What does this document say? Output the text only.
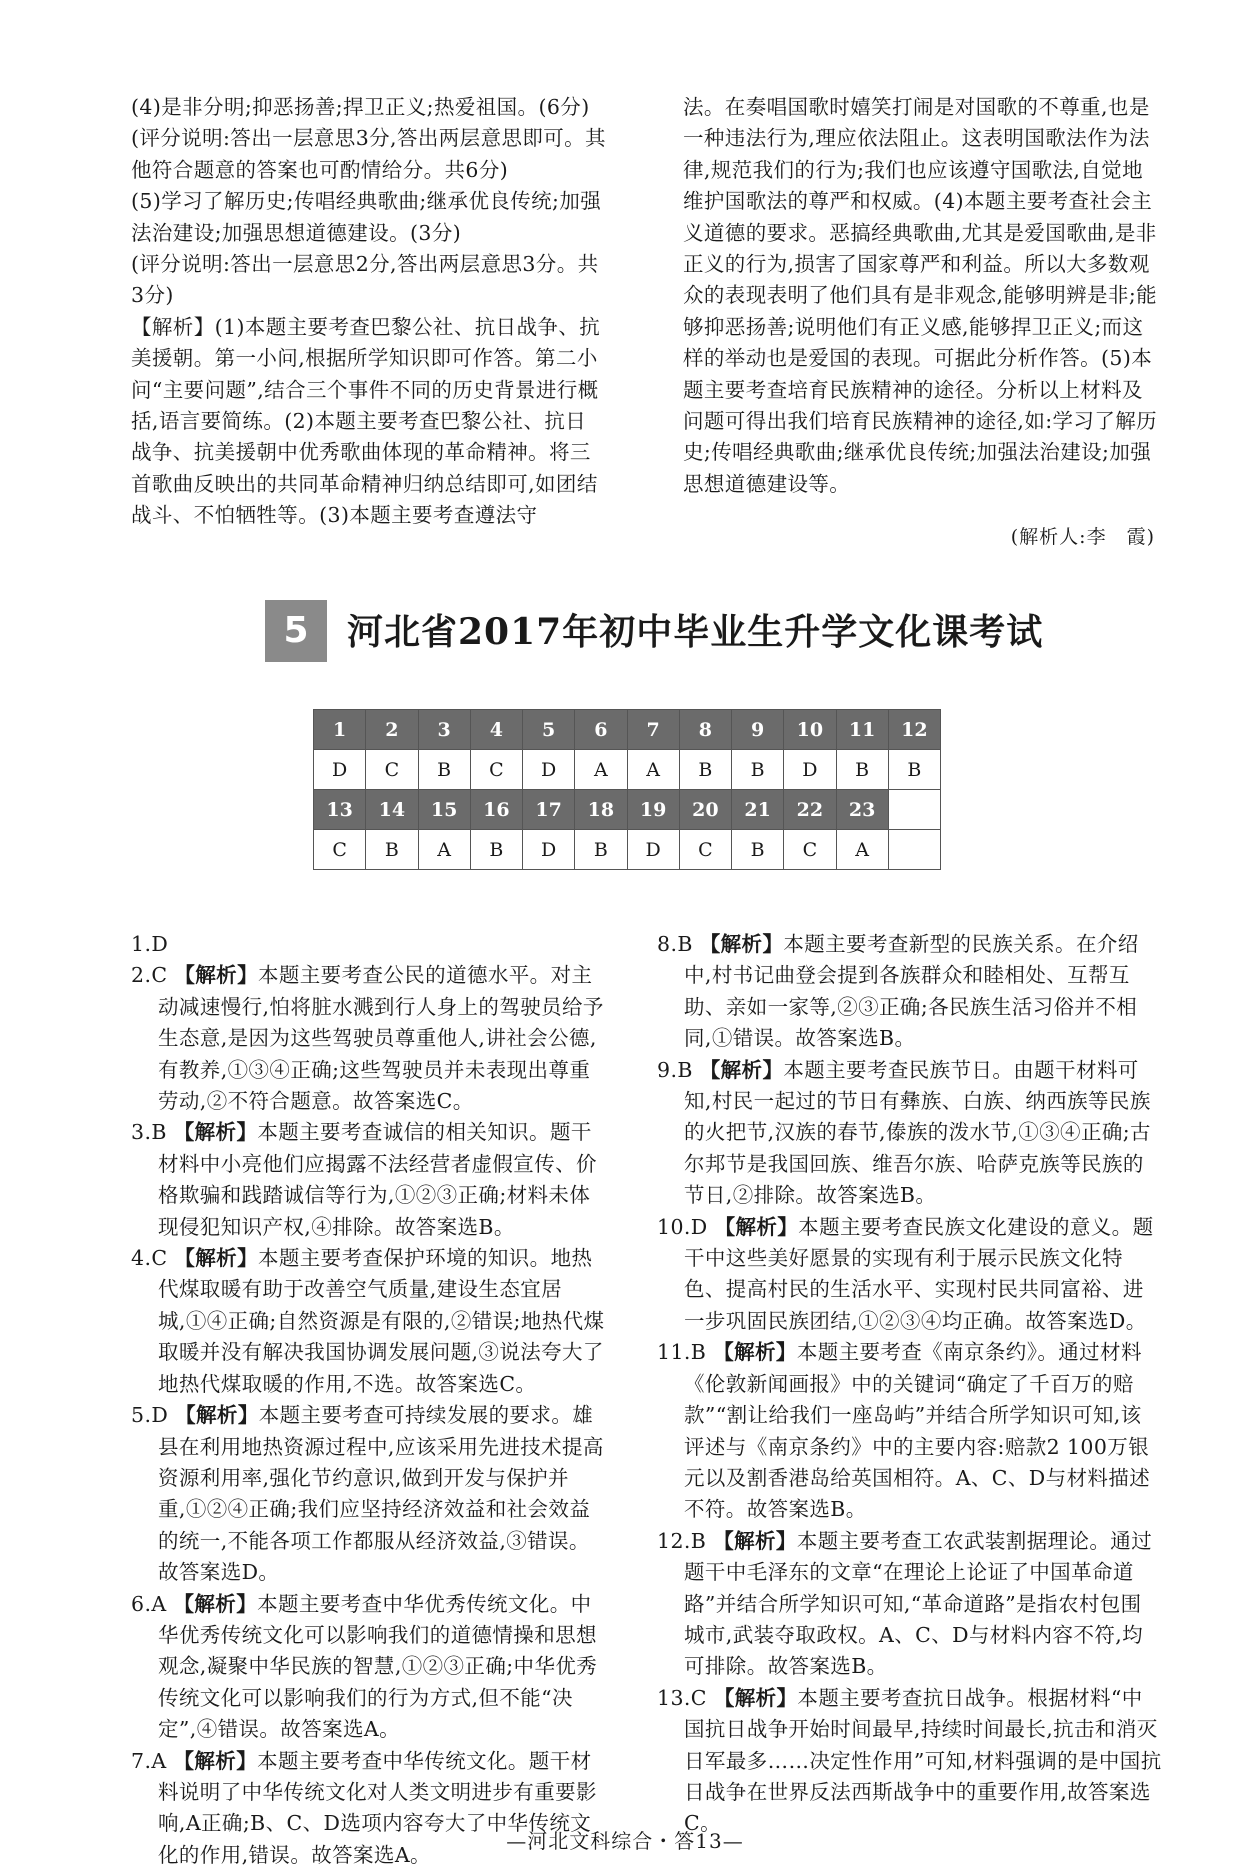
(4)是非分明;抑恶扬善;捍卫正义;热爱祖国。(6分)

(评分说明:答出一层意思3分,答出两层意思即可。其他符合题意的答案也可酌情给分。共6分)

(5)学习了解历史;传唱经典歌曲;继承优良传统;加强法治建设;加强思想道德建设。(3分)

(评分说明:答出一层意思2分,答出两层意思3分。共3分)

【解析】(1)本题主要考查巴黎公社、抗日战争、抗美援朝。第一小问,根据所学知识即可作答。第二小问“主要问题”,结合三个事件不同的历史背景进行概括,语言要简练。(2)本题主要考查巴黎公社、抗日战争、抗美援朝中优秀歌曲体现的革命精神。将三首歌曲反映出的共同革命精神归纳总结即可,如团结战斗、不怕牺牲等。(3)本题主要考查遵法守

法。在奏唱国歌时嬉笑打闹是对国歌的不尊重,也是一种违法行为,理应依法阻止。这表明国歌法作为法律,规范我们的行为;我们也应该遵守国歌法,自觉地维护国歌法的尊严和权威。(4)本题主要考查社会主义道德的要求。恶搞经典歌曲,尤其是爱国歌曲,是非正义的行为,损害了国家尊严和利益。所以大多数观众的表现表明了他们具有是非观念,能够明辨是非;能够抑恶扬善;说明他们有正义感,能够捍卫正义;而这样的举动也是爱国的表现。可据此分析作答。(5)本题主要考查培育民族精神的途径。分析以上材料及问题可得出我们培育民族精神的途径,如:学习了解历史;传唱经典歌曲;继承优良传统;加强法治建设;加强思想道德建设等。

(解析人:李　霞)
5	河北省2017年初中毕业生升学文化课考试
1	2	3	4	5	6	7	8	9	10	11	12
D	C	B	C	D	A	A	B	B	D	B	B
13	14	15	16	17	18	19	20	21	22	23	
C	B	A	B	D	B	D	C	B	C	A	

1.D

2.C 【解析】本题主要考查公民的道德水平。对主动减速慢行,怕将脏水溅到行人身上的驾驶员给予生态意,是因为这些驾驶员尊重他人,讲社会公德,有教养,①③④正确;这些驾驶员并未表现出尊重劳动,②不符合题意。故答案选C。

3.B 【解析】本题主要考查诚信的相关知识。题干材料中小亮他们应揭露不法经营者虚假宣传、价格欺骗和践踏诚信等行为,①②③正确;材料未体现侵犯知识产权,④排除。故答案选B。

4.C 【解析】本题主要考查保护环境的知识。地热代煤取暖有助于改善空气质量,建设生态宜居城,①④正确;自然资源是有限的,②错误;地热代煤取暖并没有解决我国协调发展问题,③说法夸大了地热代煤取暖的作用,不选。故答案选C。

5.D 【解析】本题主要考查可持续发展的要求。雄县在利用地热资源过程中,应该采用先进技术提高资源利用率,强化节约意识,做到开发与保护并重,①②④正确;我们应坚持经济效益和社会效益的统一,不能各项工作都服从经济效益,③错误。故答案选D。

6.A 【解析】本题主要考查中华优秀传统文化。中华优秀传统文化可以影响我们的道德情操和思想观念,凝聚中华民族的智慧,①②③正确;中华优秀传统文化可以影响我们的行为方式,但不能“决定”,④错误。故答案选A。

7.A 【解析】本题主要考查中华传统文化。题干材料说明了中华传统文化对人类文明进步有重要影响,A正确;B、C、D选项内容夸大了中华传统文化的作用,错误。故答案选A。

8.B 【解析】本题主要考查新型的民族关系。在介绍中,村书记曲登会提到各族群众和睦相处、互帮互助、亲如一家等,②③正确;各民族生活习俗并不相同,①错误。故答案选B。

9.B 【解析】本题主要考查民族节日。由题干材料可知,村民一起过的节日有彝族、白族、纳西族等民族的火把节,汉族的春节,傣族的泼水节,①③④正确;古尔邦节是我国回族、维吾尔族、哈萨克族等民族的节日,②排除。故答案选B。

10.D 【解析】本题主要考查民族文化建设的意义。题干中这些美好愿景的实现有利于展示民族文化特色、提高村民的生活水平、实现村民共同富裕、进一步巩固民族团结,①②③④均正确。故答案选D。

11.B 【解析】本题主要考查《南京条约》。通过材料《伦敦新闻画报》中的关键词“确定了千百万的赔款”“割让给我们一座岛屿”并结合所学知识可知,该评述与《南京条约》中的主要内容:赔款2 100万银元以及割香港岛给英国相符。A、C、D与材料描述不符。故答案选B。

12.B 【解析】本题主要考查工农武装割据理论。通过题干中毛泽东的文章“在理论上论证了中国革命道路”并结合所学知识可知,“革命道路”是指农村包围城市,武装夺取政权。A、C、D与材料内容不符,均可排除。故答案选B。

13.C 【解析】本题主要考查抗日战争。根据材料“中国抗日战争开始时间最早,持续时间最长,抗击和消灭日军最多……决定性作用”可知,材料强调的是中国抗日战争在世界反法西斯战争中的重要作用,故答案选C。

—河北文科综合・答13—
